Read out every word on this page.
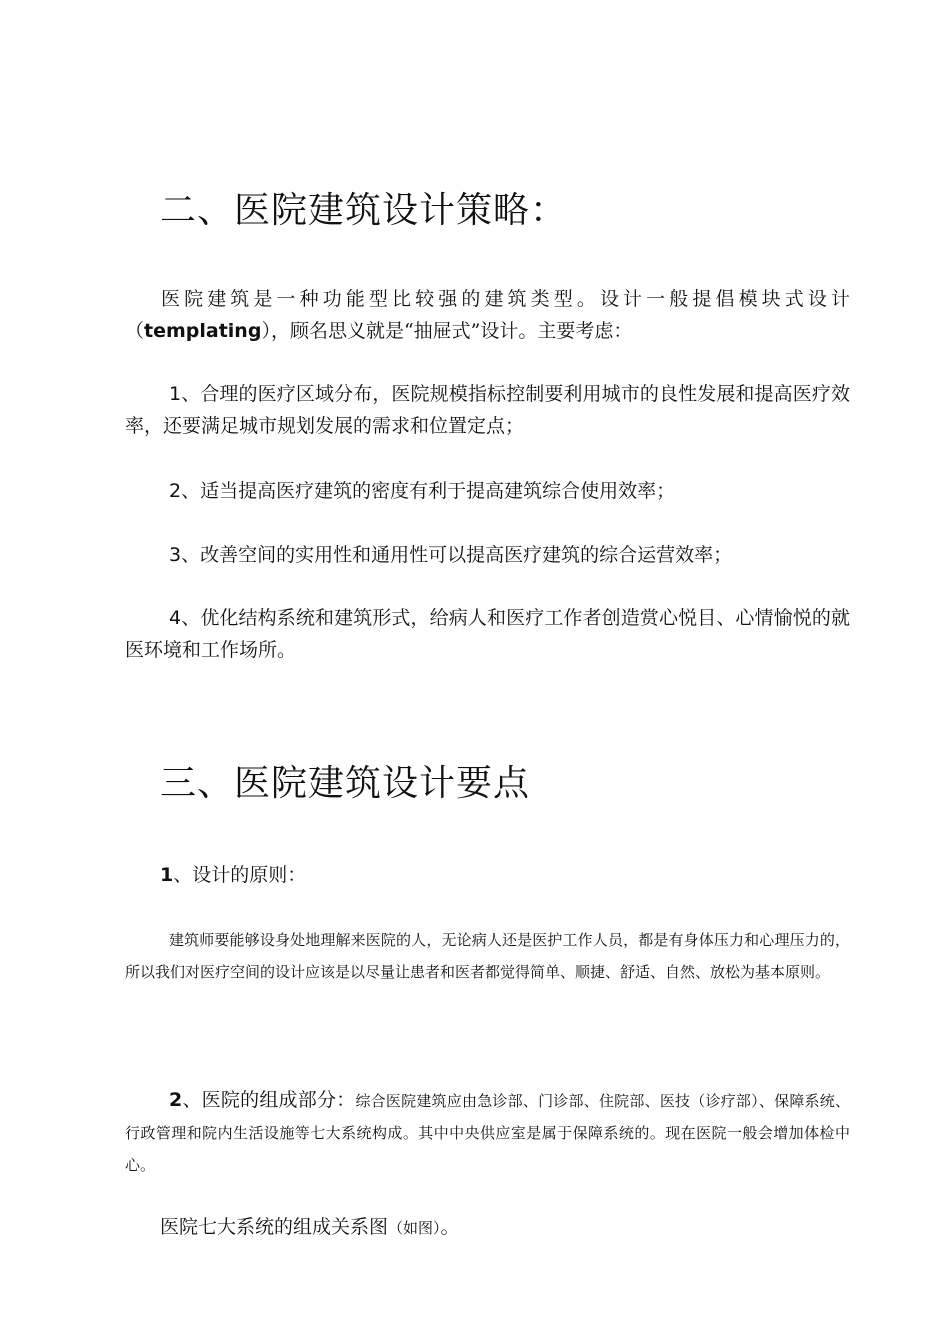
二、医院建筑设计策略：

医院建筑是一种功能型比较强的建筑类型。设计一般提倡模块式设计（templating），顾名思义就是“抽屉式”设计。主要考虑：

1、合理的医疗区域分布，医院规模指标控制要利用城市的良性发展和提高医疗效率，还要满足城市规划发展的需求和位置定点；

2、适当提高医疗建筑的密度有利于提高建筑综合使用效率；

3、改善空间的实用性和通用性可以提高医疗建筑的综合运营效率；

4、优化结构系统和建筑形式，给病人和医疗工作者创造赏心悦目、心情愉悦的就医环境和工作场所。

三、医院建筑设计要点

1、设计的原则：

建筑师要能够设身处地理解来医院的人，无论病人还是医护工作人员，都是有身体压力和心理压力的，所以我们对医疗空间的设计应该是以尽量让患者和医者都觉得简单、顺捷、舒适、自然、放松为基本原则。

2、医院的组成部分：综合医院建筑应由急诊部、门诊部、住院部、医技（诊疗部）、保障系统、行政管理和院内生活设施等七大系统构成。其中中央供应室是属于保障系统的。现在医院一般会增加体检中心。

医院七大系统的组成关系图（如图）。
